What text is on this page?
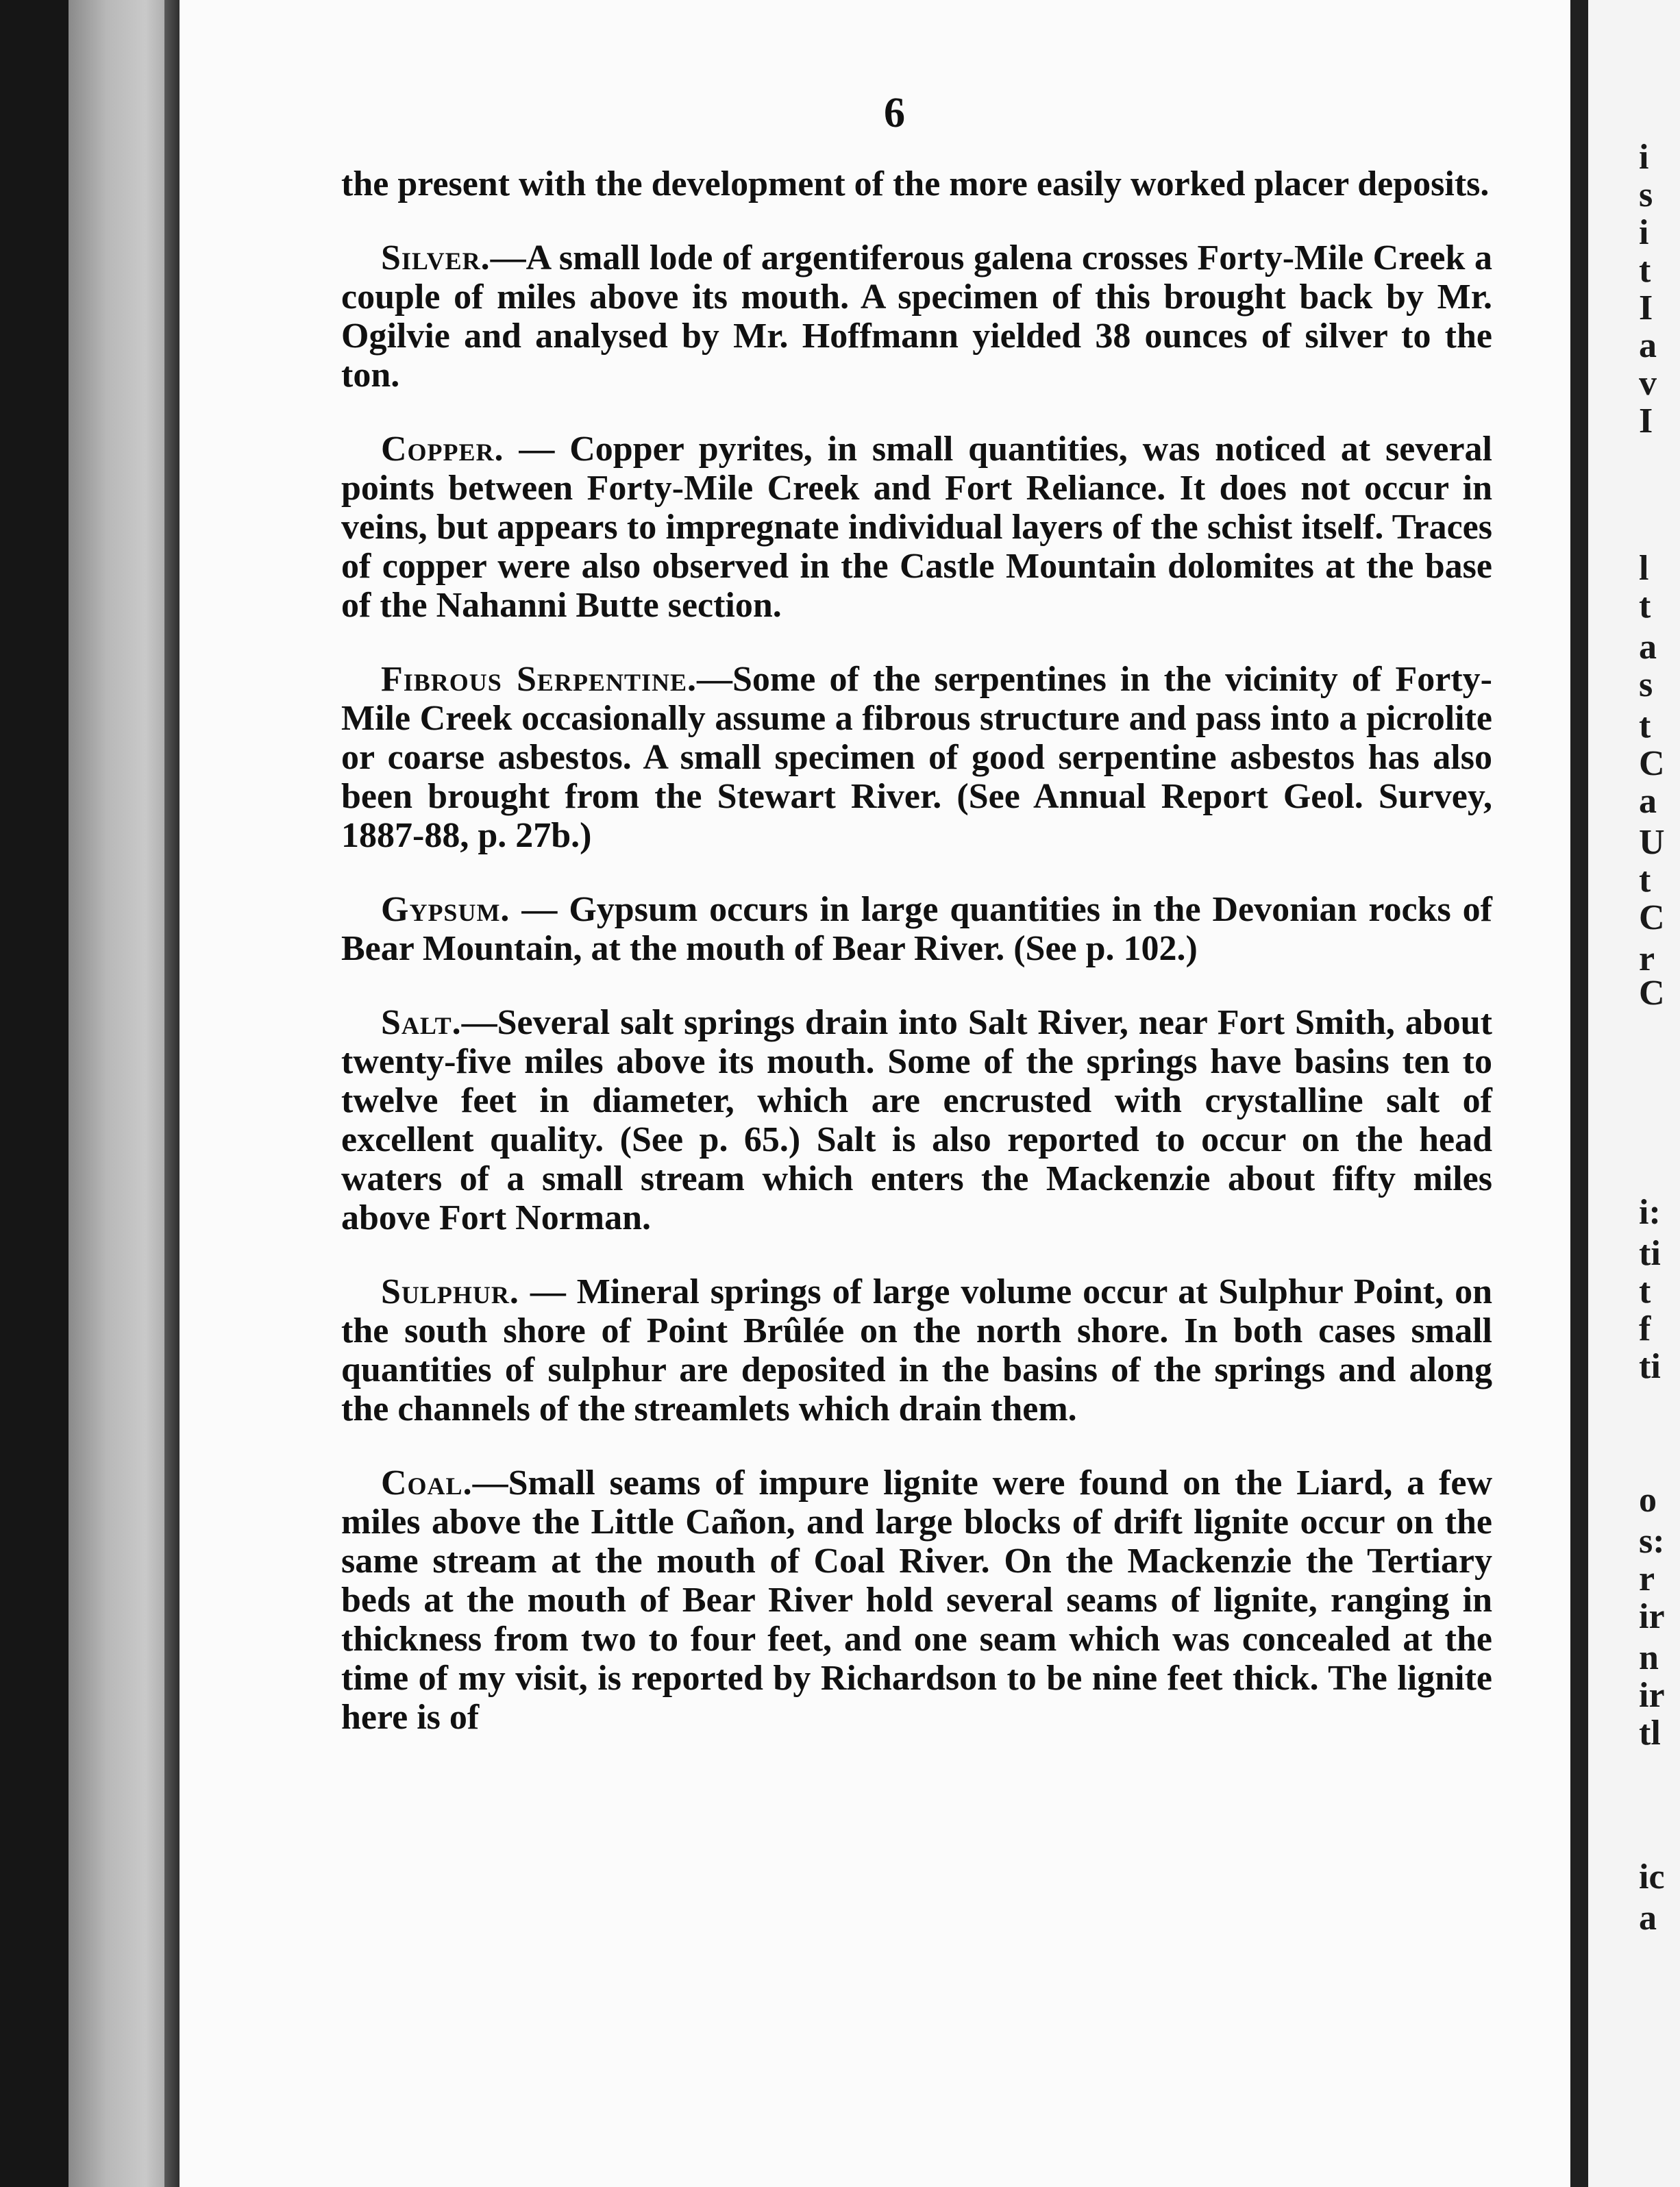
i
s
i
t
I
a
v
I
l
t
a
s
t
C
a
U
t
C
r
C
i:
ti
t
f
ti
o
s:
r
ir
n
ir
tl
ic
a
6

the present with the development of the more easily worked placer deposits.

Silver.—A small lode of argentiferous galena crosses Forty-Mile Creek a couple of miles above its mouth. A specimen of this brought back by Mr. Ogilvie and analysed by Mr. Hoffmann yielded 38 ounces of silver to the ton.

Copper. — Copper pyrites, in small quantities, was noticed at several points between Forty-Mile Creek and Fort Reliance. It does not occur in veins, but appears to impregnate individual layers of the schist itself. Traces of copper were also observed in the Castle Mountain dolomites at the base of the Nahanni Butte section.

Fibrous Serpentine.—Some of the serpentines in the vicinity of Forty-Mile Creek occasionally assume a fibrous structure and pass into a picrolite or coarse asbestos. A small specimen of good serpentine asbestos has also been brought from the Stewart River. (See Annual Report Geol. Survey, 1887-88, p. 27b.)

Gypsum. — Gypsum occurs in large quantities in the Devonian rocks of Bear Mountain, at the mouth of Bear River. (See p. 102.)

Salt.—Several salt springs drain into Salt River, near Fort Smith, about twenty-five miles above its mouth. Some of the springs have basins ten to twelve feet in diameter, which are encrusted with crystalline salt of excellent quality. (See p. 65.) Salt is also reported to occur on the head waters of a small stream which enters the Mackenzie about fifty miles above Fort Norman.

Sulphur. — Mineral springs of large volume occur at Sulphur Point, on the south shore of Point Brûlée on the north shore. In both cases small quantities of sulphur are deposited in the basins of the springs and along the channels of the streamlets which drain them.

Coal.—Small seams of impure lignite were found on the Liard, a few miles above the Little Cañon, and large blocks of drift lignite occur on the same stream at the mouth of Coal River. On the Mackenzie the Tertiary beds at the mouth of Bear River hold several seams of lignite, ranging in thickness from two to four feet, and one seam which was concealed at the time of my visit, is reported by Richardson to be nine feet thick. The lignite here is of
